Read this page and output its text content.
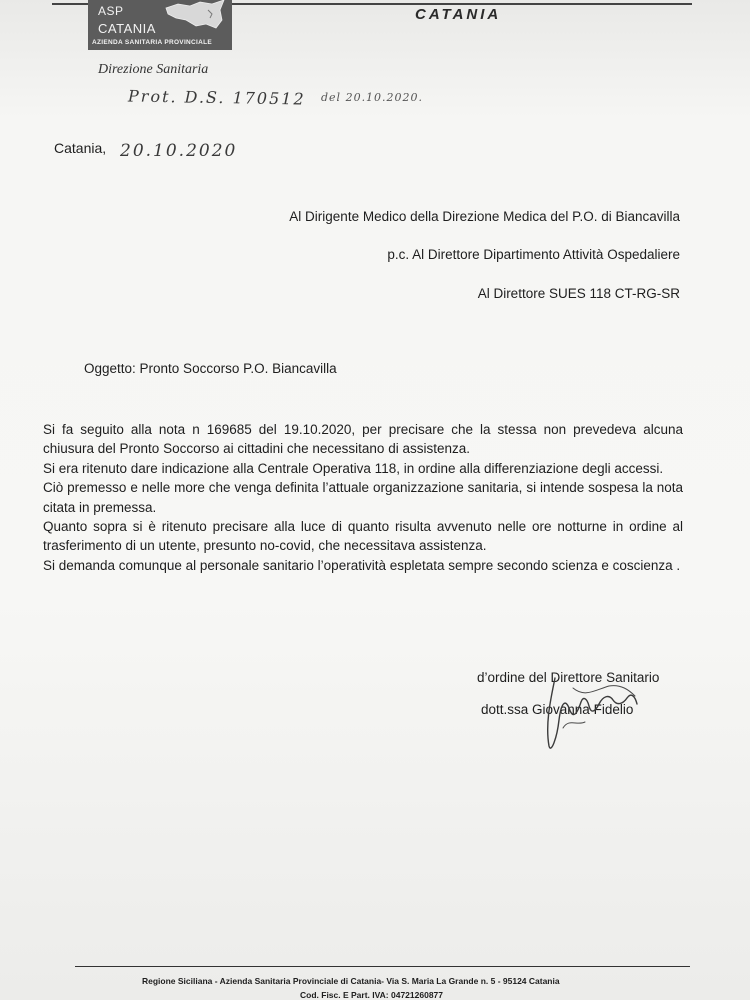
ASP
CATANIA
AZIENDA SANITARIA PROVINCIALE
CATANIA
Direzione Sanitaria
Prot. D.S. 170512 del 20.10.2020.
Catania, 20.10.2020
Al Dirigente Medico della Direzione Medica del P.O. di Biancavilla
p.c. Al Direttore Dipartimento Attività Ospedaliere
Al Direttore SUES 118 CT-RG-SR
Oggetto: Pronto Soccorso P.O. Biancavilla

Si fa seguito alla nota n 169685 del 19.10.2020, per precisare che la stessa non prevedeva alcuna chiusura del Pronto Soccorso ai cittadini che necessitano di assistenza.

Si era ritenuto dare indicazione alla Centrale Operativa 118, in ordine alla differenziazione degli accessi.

Ciò premesso e nelle more che venga definita l’attuale organizzazione sanitaria, si intende sospesa la nota citata in premessa.

Quanto sopra si è ritenuto precisare alla luce di quanto risulta avvenuto nelle ore notturne in ordine al trasferimento di un utente, presunto no-covid, che necessitava assistenza.

Si demanda comunque al personale sanitario l’operatività espletata sempre secondo scienza e coscienza .

d’ordine del Direttore Sanitario
dott.ssa Giovanna Fidelio
Regione Siciliana - Azienda Sanitaria Provinciale di Catania- Via S. Maria La Grande n. 5 - 95124 Catania
Cod. Fisc. E Part. IVA: 04721260877
